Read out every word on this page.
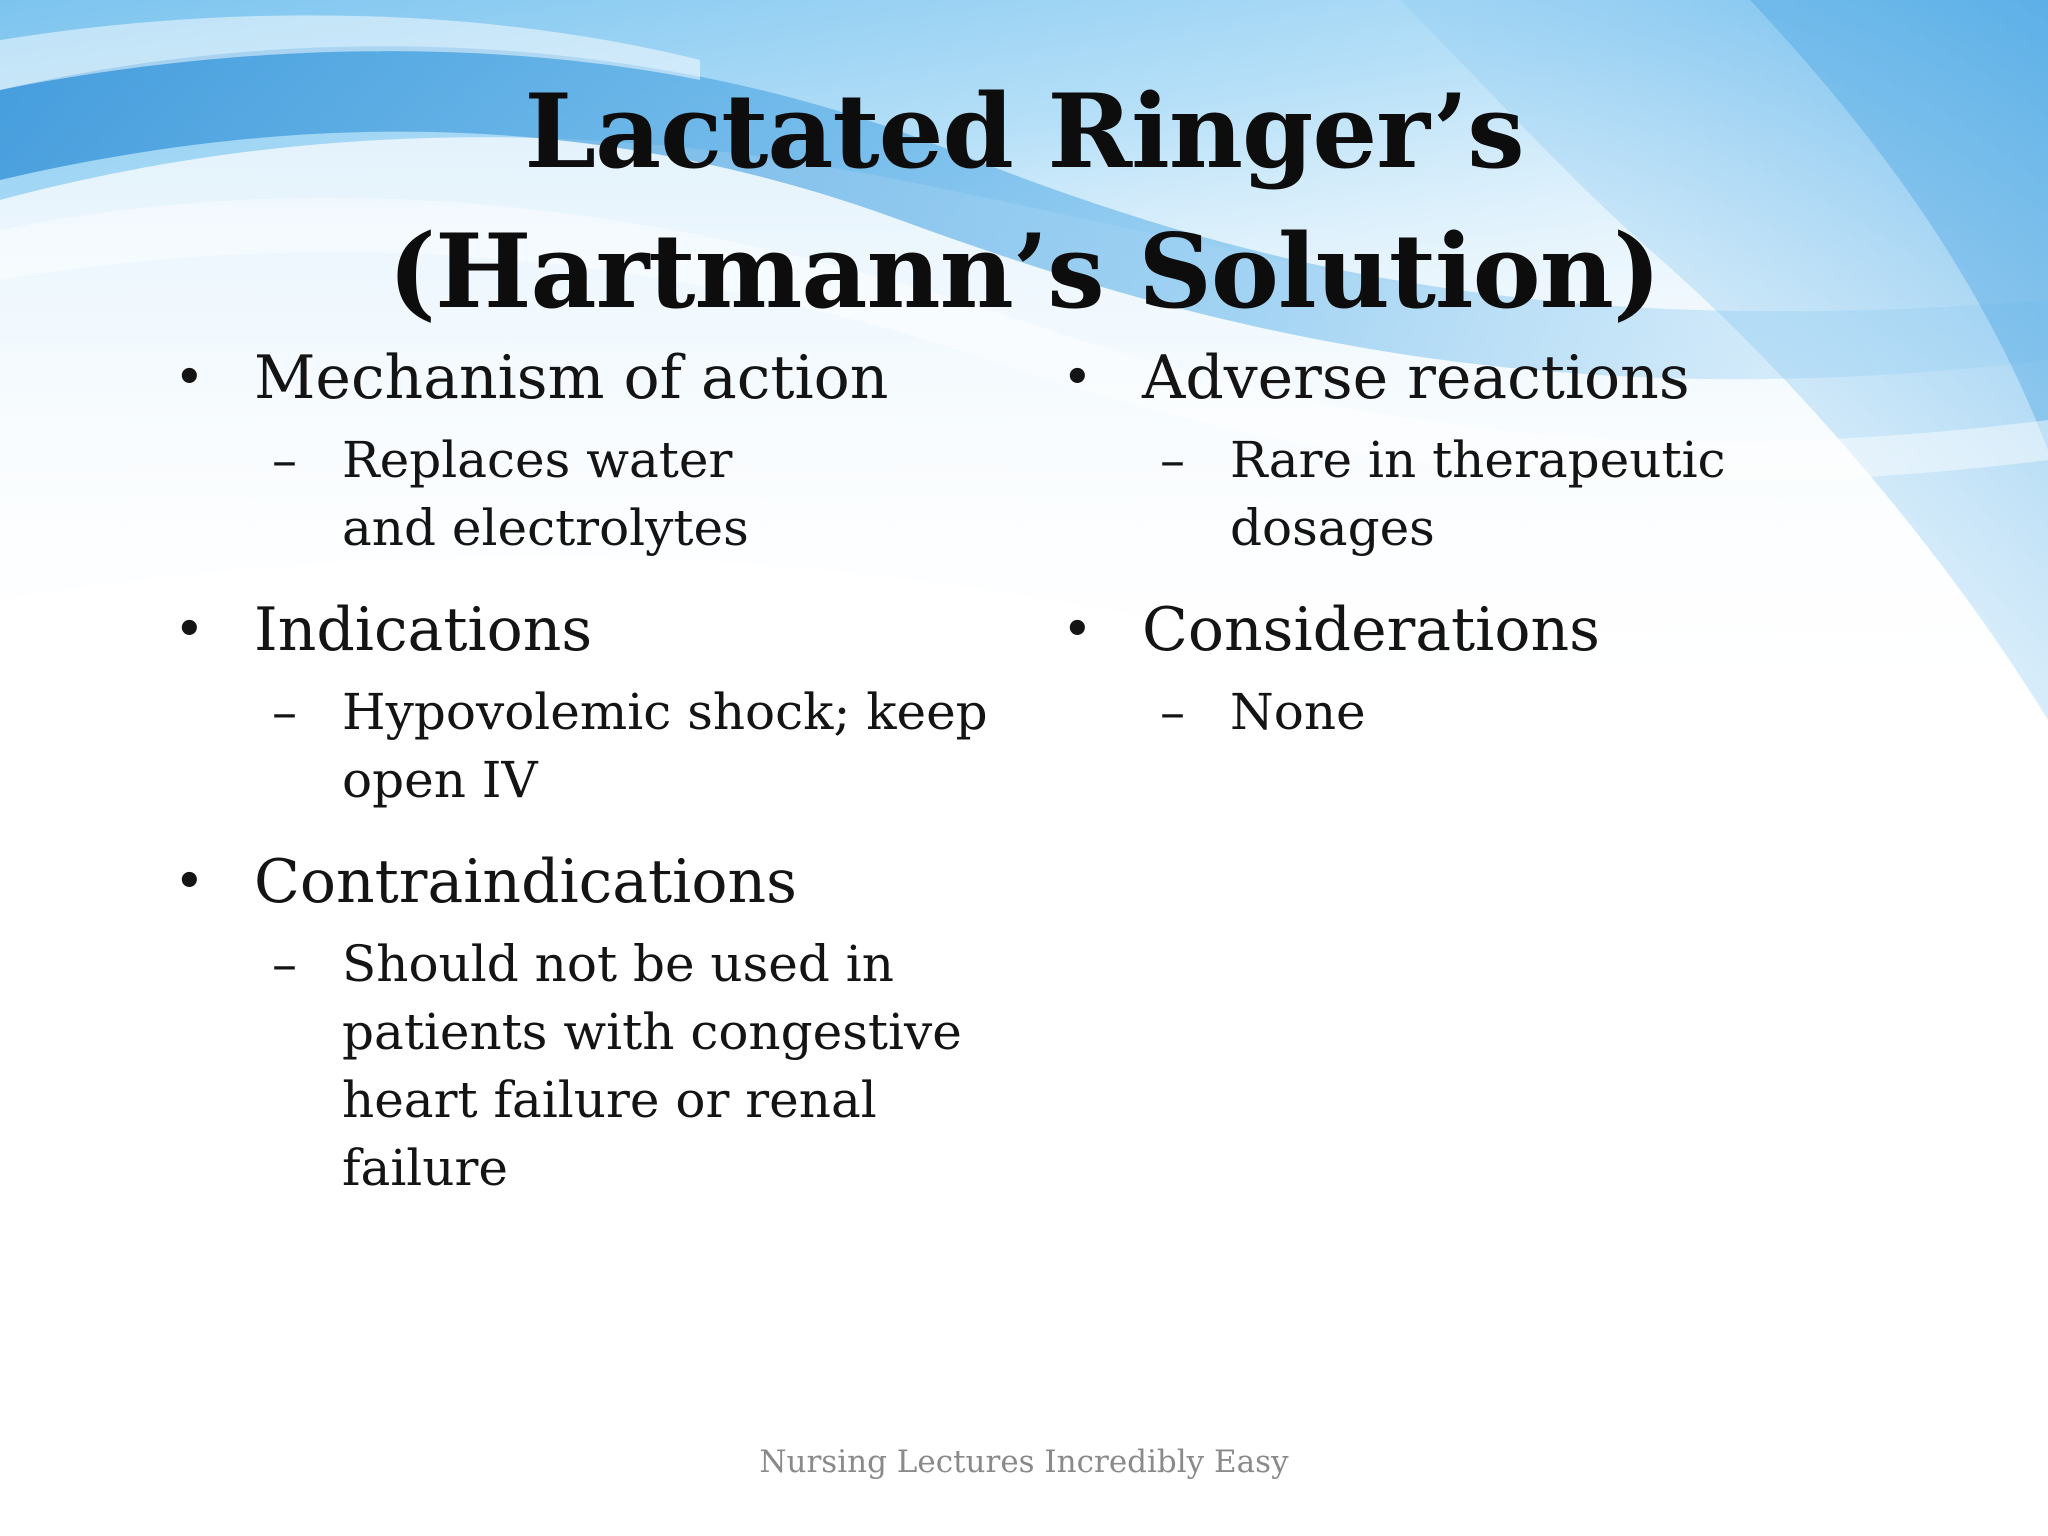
Lactated Ringer’s
(Hartmann’s Solution)
• Mechanism of action
– Replaces water
and electrolytes
• Indications
– Hypovolemic shock; keep
open IV
• Contraindications
– Should not be used in
patients with congestive
heart failure or renal
failure
• Adverse reactions
– Rare in therapeutic
dosages
• Considerations
– None
Nursing Lectures Incredibly Easy
